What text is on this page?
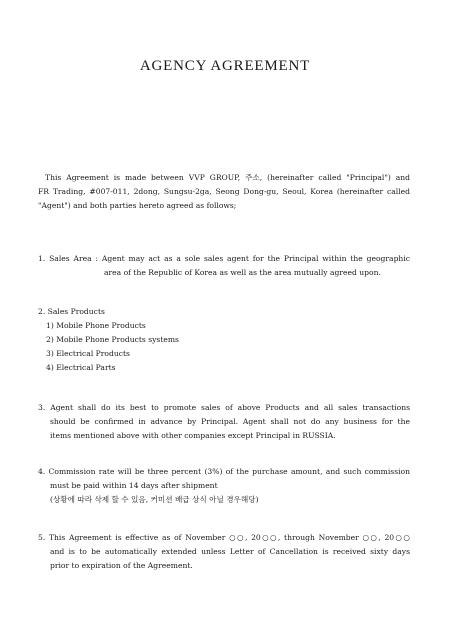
AGENCY AGREEMENT

This Agreement is made between VVP GROUP, 주소, (hereinafter called "Principal") and

FR Trading, #007-011, 2dong, Sungsu-2ga, Seong Dong-gu, Seoul, Korea (hereinafter called

"Agent") and both parties hereto agreed as follows;

1. Sales Area : Agent may act as a sole sales agent for the Principal within the geographic

area of the Republic of Korea as well as the area mutually agreed upon.

2. Sales Products

1) Mobile Phone Products

2) Mobile Phone Products systems

3) Electrical Products

4) Electrical Parts

3. Agent shall do its best to promote sales of above Products and all sales transactions

should be confirmed in advance by Principal. Agent shall not do any business for the

items mentioned above with other companies except Principal in RUSSIA.

4. Commission rate will be three percent (3%) of the purchase amount, and such commission

must be paid within 14 days after shipment

(상황에 따라 삭제 할 수 있음, 커미션 배급 상식 아닐 경우해당)

5. This Agreement is effective as of November ○○, 20○○, through November ○○, 20○○

and is to be automatically extended unless Letter of Cancellation is received sixty days

prior to expiration of the Agreement.
